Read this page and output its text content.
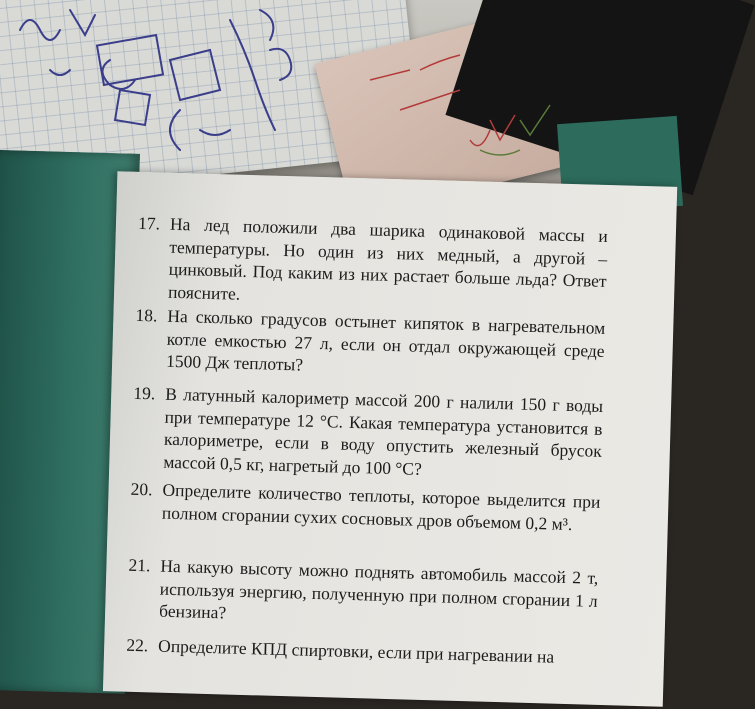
17. На лед положили два шарика одинаковой массы и температуры. Но один из них медный, а другой – цинковый. Под каким из них растает больше льда? Ответ поясните.
18. На сколько градусов остынет кипяток в нагревательном котле емкостью 27 л, если он отдал окружающей среде 1500 Дж теплоты?
19. В латунный калориметр массой 200 г налили 150 г воды при температуре 12 °С. Какая температура установится в калориметре, если в воду опустить железный брусок массой 0,5 кг, нагретый до 100 °С?
20. Определите количество теплоты, которое выделится при полном сгорании сухих сосновых дров объемом 0,2 м³.
21. На какую высоту можно поднять автомобиль массой 2 т, используя энергию, полученную при полном сгорании 1 л бензина?
22. Определите КПД спиртовки, если при нагревании на
